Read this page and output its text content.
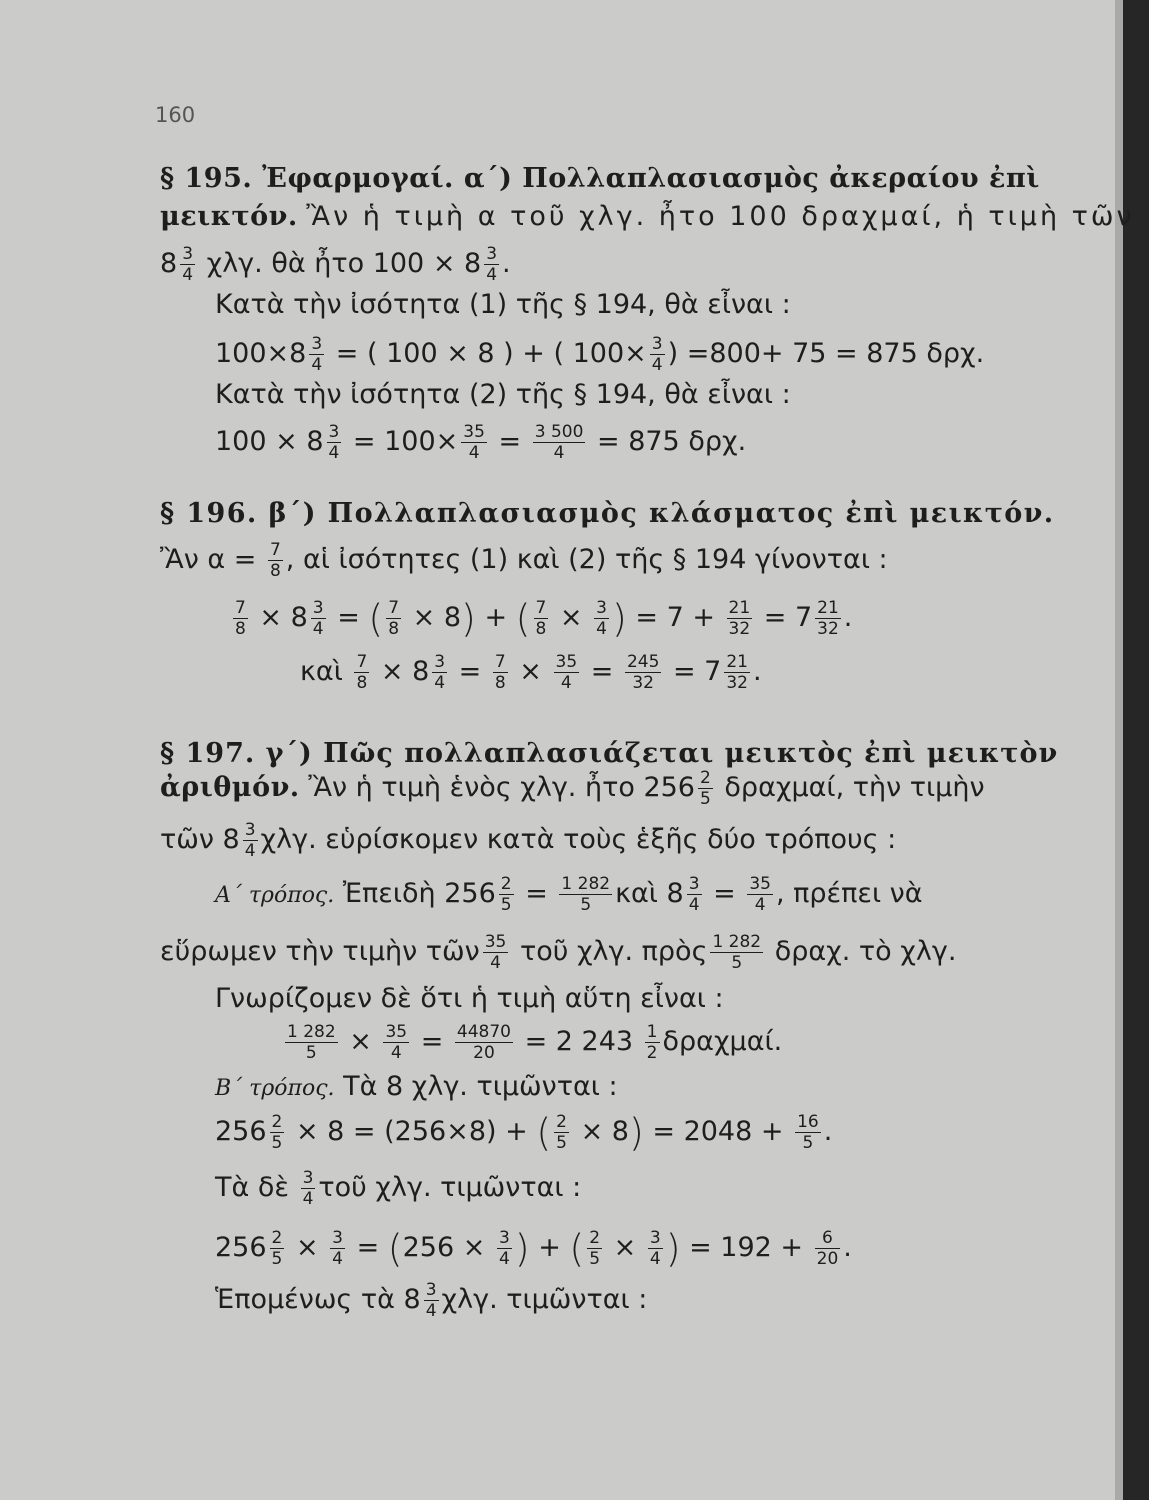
160
§ 195. Ἐφαρμογαί. α΄) Πολλαπλασιασμὸς ἀκεραίου ἐπὶ
μεικτόν. Ἂν ἡ τιμὴ α τοῦ χλγ. ἦτο 100 δραχμαί, ἡ τιμὴ τῶν
$8 \frac{3}{4} \chi\lambda\gamma$. θὰ ἦτο $100 \times 8 \frac{3}{4}$ .
Κατὰ τὴν ἰσότητα (1) τῆς § 194, θὰ εἶναι :
$100\times 8 \frac{3}{4}$ = ( 100 × 8 ) + ( $100\times \frac{3}{4}$ ) =800+ 75 = 875 δρχ.
Κατὰ τὴν ἰσότητα (2) τῆς § 194, θὰ εἶναι :
$100 \times 8 \frac{3}{4} = 100\times \frac{35}{4} = \frac{3 500}{4} = 875$ δρχ.
§ 196. β΄) Πολλαπλασιασμὸς κλάσματος ἐπὶ μεικτόν.
Ἂν $\alpha = \frac{7}{8}$ , αἱ ἰσότητες (1) καὶ (2) τῆς § 194 γίνονται :
$\frac{7}{8} \times 8 \frac{3}{4}$ = ( $\frac{7}{8} \times 8$) + ( $\frac{7}{8} \times \frac{3}{4}$ ) = $7 + \frac{21}{32} = 7 \frac{21}{32}$ .
καὶ $\frac{7}{8} \times 8 \frac{3}{4} = \frac{7}{8} \times \frac{35}{4} = \frac{245}{32} = 7 \frac{21}{32}$ .
§ 197. γ΄) Πῶς πολλαπλασιάζεται μεικτὸς ἐπὶ μεικτὸν
ἀριθμόν. Ἂν ἡ τιμὴ ἑνὸς χλγ. ἦτο $256 \frac{2}{5} \delta\rho\alpha\chi\mu\alpha ί$, τὴν τιμὴν
τῶν $8 \frac{3}{4} \chi\lambda\gamma$. εὑρίσκομεν κατὰ τοὺς ἑξῆς δύο τρόπους :
Α΄ τρόπος. Ἐπειδὴ $256 \frac{2}{5} = \frac{1 282}{5}$ καὶ $8 \frac{3}{4} = \frac{35}{4}$ , πρέπει νὰ
εὕρωμεν τὴν τιμὴν τῶν $\frac{35}{4}$ τοῦ χλγ. πρὸς $\frac{1 282}{5} \delta\rho\alpha\chi$. τὸ χλγ.
Γνωρίζομεν δὲ ὅτι ἡ τιμὴ αὕτη εἶναι :
$\frac{1 282}{5} \times \frac{35}{4} = \frac{44870}{20} = 2$ $243 \frac{1}{2} \delta\rho\alpha\chi\mu\alpha ί$.
Β΄ τρόπος. Τὰ 8 χλγ. τιμῶνται :
$256 \frac{2}{5} \times 8 = (256\times 8)$ + ( $\frac{2}{5} \times 8) = 2048 + \frac{16}{5}$ .
Τὰ δὲ $\frac{3}{4}$ τοῦ χλγ. τιμῶνται :
$256 \frac{2}{5} \times \frac{3}{4} = (256 \times \frac{3}{4}$ ) + ( $\frac{2}{5} \times \frac{3}{4}$ ) = $192 + \frac{6}{20}$ .
Ἑπομένως τὰ $8 \frac{3}{4} \chi\lambda\gamma$. τιμῶνται :
